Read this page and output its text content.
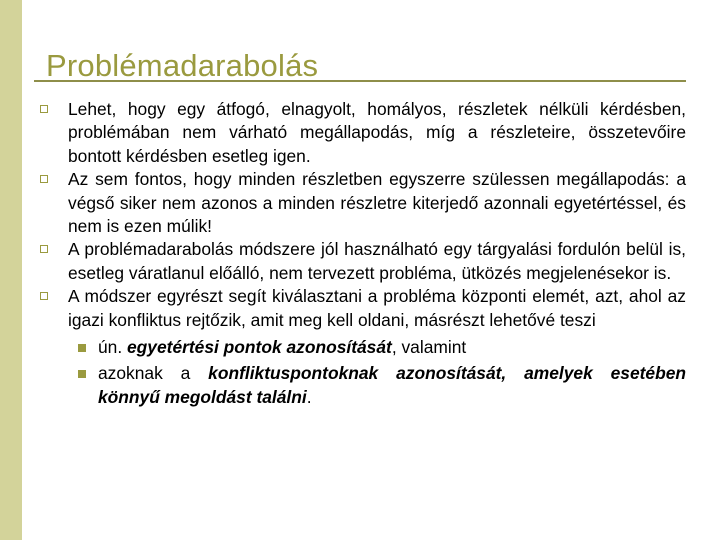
Problémadarabolás
Lehet, hogy egy átfogó, elnagyolt, homályos, részletek nélküli kérdésben, problémában nem várható megállapodás, míg a részleteire, összetevőire bontott kérdésben esetleg igen.
Az sem fontos, hogy minden részletben egyszerre szülessen megállapodás: a végső siker nem azonos a minden részletre kiterjedő azonnali egyetértéssel, és nem is ezen múlik!
A problémadarabolás módszere jól használható egy tárgyalási fordulón belül is, esetleg váratlanul előálló, nem tervezett probléma, ütközés megjelenésekor is.
A módszer egyrészt segít kiválasztani a probléma központi elemét, azt, ahol az igazi konfliktus rejtőzik, amit meg kell oldani, másrészt lehetővé teszi
ún. egyetértési pontok azonosítását, valamint
azoknak a konfliktuspontoknak azonosítását, amelyek esetében könnyű megoldást találni.
